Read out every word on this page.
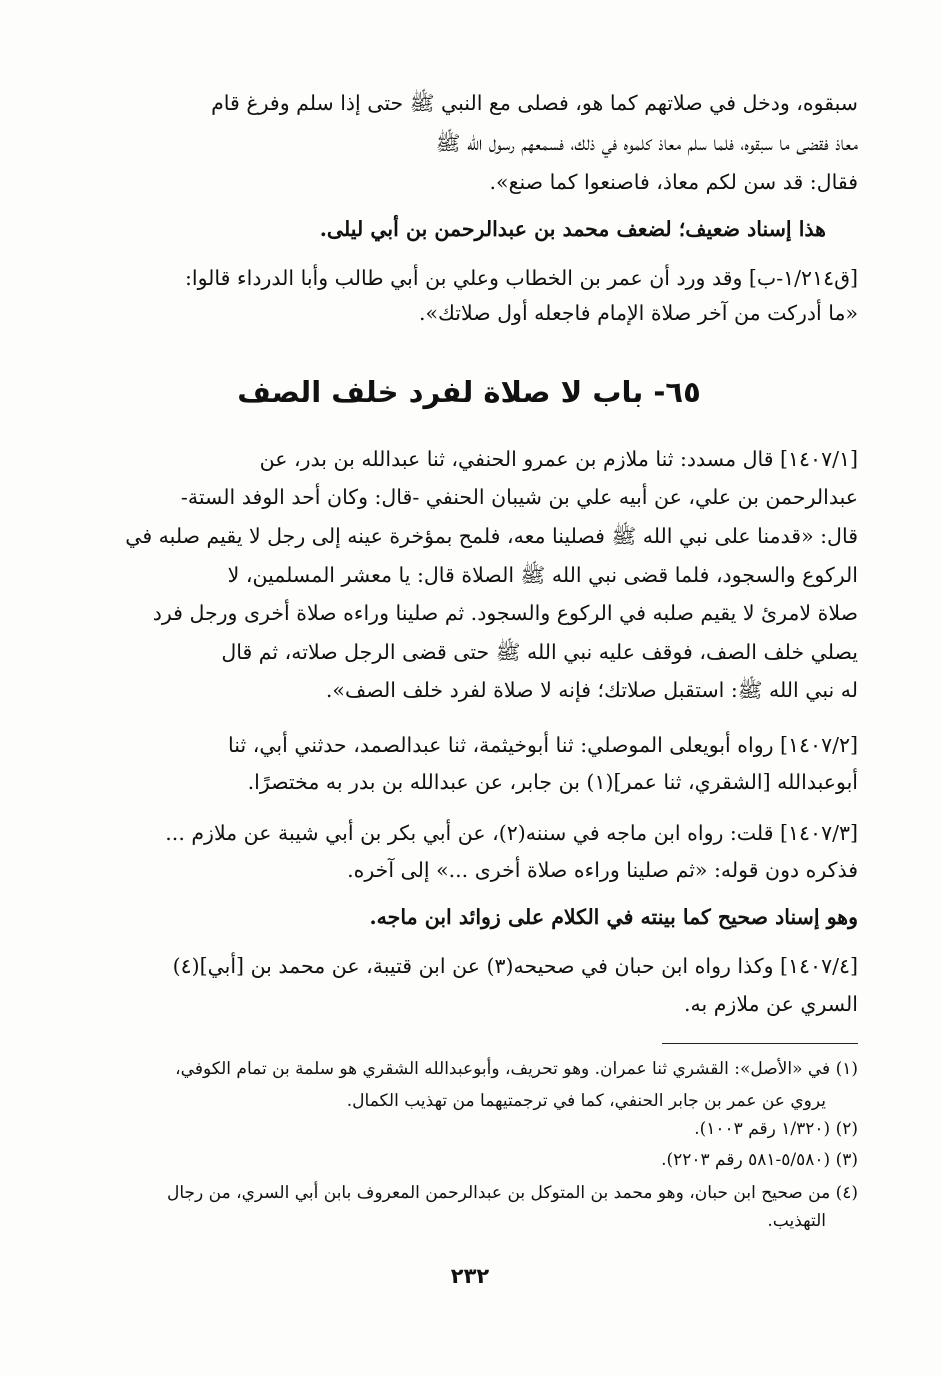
سبقوه، ودخل في صلاتهم كما هو، فصلى مع النبي ﷺ حتى إذا سلم وفرغ قام
معاذ فقضى ما سبقوه، فلما سلم معاذ كلموه في ذلك، فسمعهم رسول الله ﷺ
فقال: قد سن لكم معاذ، فاصنعوا كما صنع».
هذا إسناد ضعيف؛ لضعف محمد بن عبدالرحمن بن أبي ليلى.
[ق١/٢١٤-ب] وقد ورد أن عمر بن الخطاب وعلي بن أبي طالب وأبا الدرداء قالوا:
«ما أدركت من آخر صلاة الإمام فاجعله أول صلاتك».
٦٥- باب لا صلاة لفرد خلف الصف
[١٤٠٧/١] قال مسدد: ثنا ملازم بن عمرو الحنفي، ثنا عبدالله بن بدر، عن
عبدالرحمن بن علي، عن أبيه علي بن شيبان الحنفي -قال: وكان أحد الوفد الستة-
قال: «قدمنا على نبي الله ﷺ فصلينا معه، فلمح بمؤخرة عينه إلى رجل لا يقيم صلبه في
الركوع والسجود، فلما قضى نبي الله ﷺ الصلاة قال: يا معشر المسلمين، لا
صلاة لامرئ لا يقيم صلبه في الركوع والسجود. ثم صلينا وراءه صلاة أخرى ورجل فرد
يصلي خلف الصف، فوقف عليه نبي الله ﷺ حتى قضى الرجل صلاته، ثم قال
له نبي الله ﷺ: استقبل صلاتك؛ فإنه لا صلاة لفرد خلف الصف».
[١٤٠٧/٢] رواه أبويعلى الموصلي: ثنا أبوخيثمة، ثنا عبدالصمد، حدثني أبي، ثنا
أبوعبدالله [الشقري، ثنا عمر](١) بن جابر، عن عبدالله بن بدر به مختصرًا.
[١٤٠٧/٣] قلت: رواه ابن ماجه في سننه(٢)، عن أبي بكر بن أبي شيبة عن ملازم ...
فذكره دون قوله: «ثم صلينا وراءه صلاة أخرى ...» إلى آخره.
وهو إسناد صحيح كما بينته في الكلام على زوائد ابن ماجه.
[١٤٠٧/٤] وكذا رواه ابن حبان في صحيحه(٣) عن ابن قتيبة، عن محمد بن [أبي](٤)
السري عن ملازم به.
(١) في «الأصل»: القشري ثنا عمران. وهو تحريف، وأبوعبدالله الشقري هو سلمة بن تمام الكوفي،
يروي عن عمر بن جابر الحنفي، كما في ترجمتيهما من تهذيب الكمال.
(٢) (١/٣٢٠ رقم ١٠٠٣).
(٣) (٥/٥٨٠-٥٨١ رقم ٢٢٠٣).
(٤) من صحيح ابن حبان، وهو محمد بن المتوكل بن عبدالرحمن المعروف بابن أبي السري، من رجال
التهذيب.
٢٣٢
